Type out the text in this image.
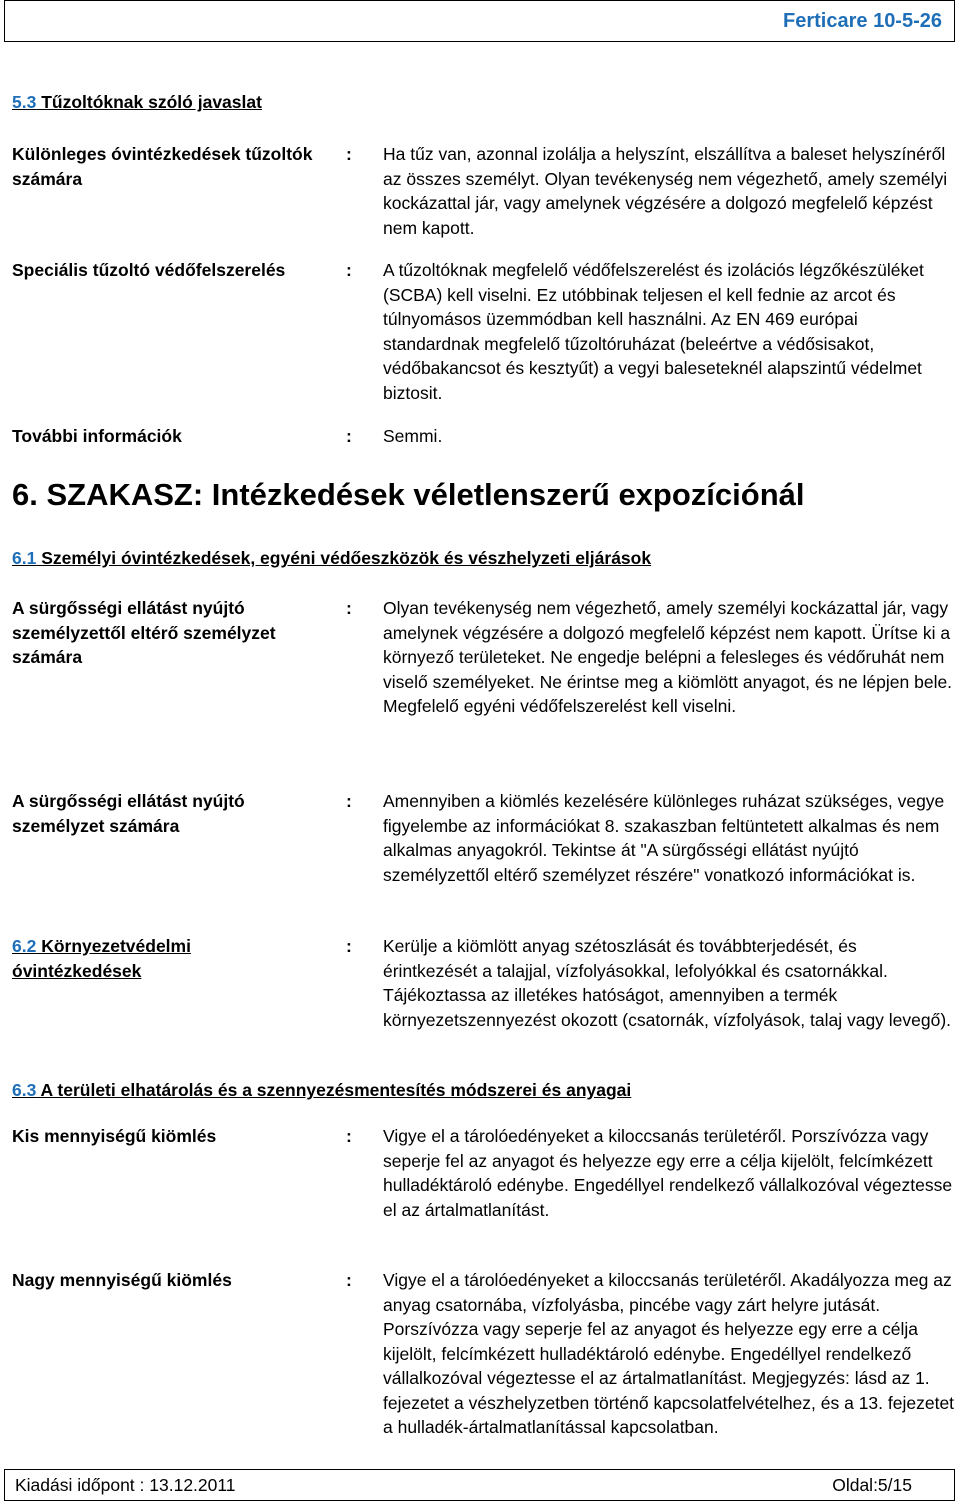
Ferticare 10-5-26
5.3 Tűzoltóknak szóló javaslat
Különleges óvintézkedések tűzoltók számára
: Ha tűz van, azonnal izolálja a helyszínt, elszállítva a baleset helyszínéről az összes személyt. Olyan tevékenység nem végezhető, amely személyi kockázattal jár, vagy amelynek végzésére a dolgozó megfelelő képzést nem kapott.
Speciális tűzoltó védőfelszerelés	: A tűzoltóknak megfelelő védőfelszerelést és izolációs légzőkészüléket (SCBA) kell viselni. Ez utóbbinak teljesen el kell fednie az arcot és túlnyomásos üzemmódban kell használni. Az EN 469 európai standardnak megfelelő tűzoltóruházat (beleértve a védősisakot, védőbakancsot és kesztyűt) a vegyi baleseteknél alapszintű védelmet biztosit.
További információk	: Semmi.
6. SZAKASZ: Intézkedések véletlenszerű expozíciónál
6.1 Személyi óvintézkedések, egyéni védőeszközök és vészhelyzeti eljárások
A sürgősségi ellátást nyújtó személyzettől eltérő személyzet számára
: Olyan tevékenység nem végezhető, amely személyi kockázattal jár, vagy amelynek végzésére a dolgozó megfelelő képzést nem kapott. Ürítse ki a környező területeket. Ne engedje belépni a felesleges és védőruhát nem viselő személyeket. Ne érintse meg a kiömlött anyagot, és ne lépjen bele. Megfelelő egyéni védőfelszerelést kell viselni.
A sürgősségi ellátást nyújtó személyzet számára
: Amennyiben a kiömlés kezelésére különleges ruházat szükséges, vegye figyelembe az információkat 8. szakaszban feltüntetett alkalmas és nem alkalmas anyagokról. Tekintse át "A sürgősségi ellátást nyújtó személyzettől eltérő személyzet részére" vonatkozó információkat is.
6.2 Környezetvédelmi óvintézkedések
: Kerülje a kiömlött anyag szétoszlását és továbbterjedését, és érintkezését a talajjal, vízfolyásokkal, lefolyókkal és csatornákkal. Tájékoztassa az illetékes hatóságot, amennyiben a termék környezetszennyezést okozott (csatornák, vízfolyások, talaj vagy levegő).
6.3 A területi elhatárolás és a szennyezésmentesítés módszerei és anyagai
Kis mennyiségű kiömlés	: Vigye el a tárolóedényeket a kiloccsanás területéről. Porszívózza vagy seperje fel az anyagot és helyezze egy erre a célja kijelölt, felcímkézett hulladéktároló edénybe. Engedéllyel rendelkező vállalkozóval végeztesse el az ártalmatlanítást.
Nagy mennyiségű kiömlés	: Vigye el a tárolóedényeket a kiloccsanás területéről. Akadályozza meg az anyag csatornába, vízfolyásba, pincébe vagy zárt helyre jutását. Porszívózza vagy seperje fel az anyagot és helyezze egy erre a célja kijelölt, felcímkézett hulladéktároló edénybe. Engedéllyel rendelkező vállalkozóval végeztesse el az ártalmatlanítást. Megjegyzés: lásd az 1. fejezetet a vészhelyzetben történő kapcsolatfelvételhez, és a 13. fejezetet a hulladék-ártalmatlanítással kapcsolatban.
Kiadási időpont : 13.12.2011	Oldal:5/15
